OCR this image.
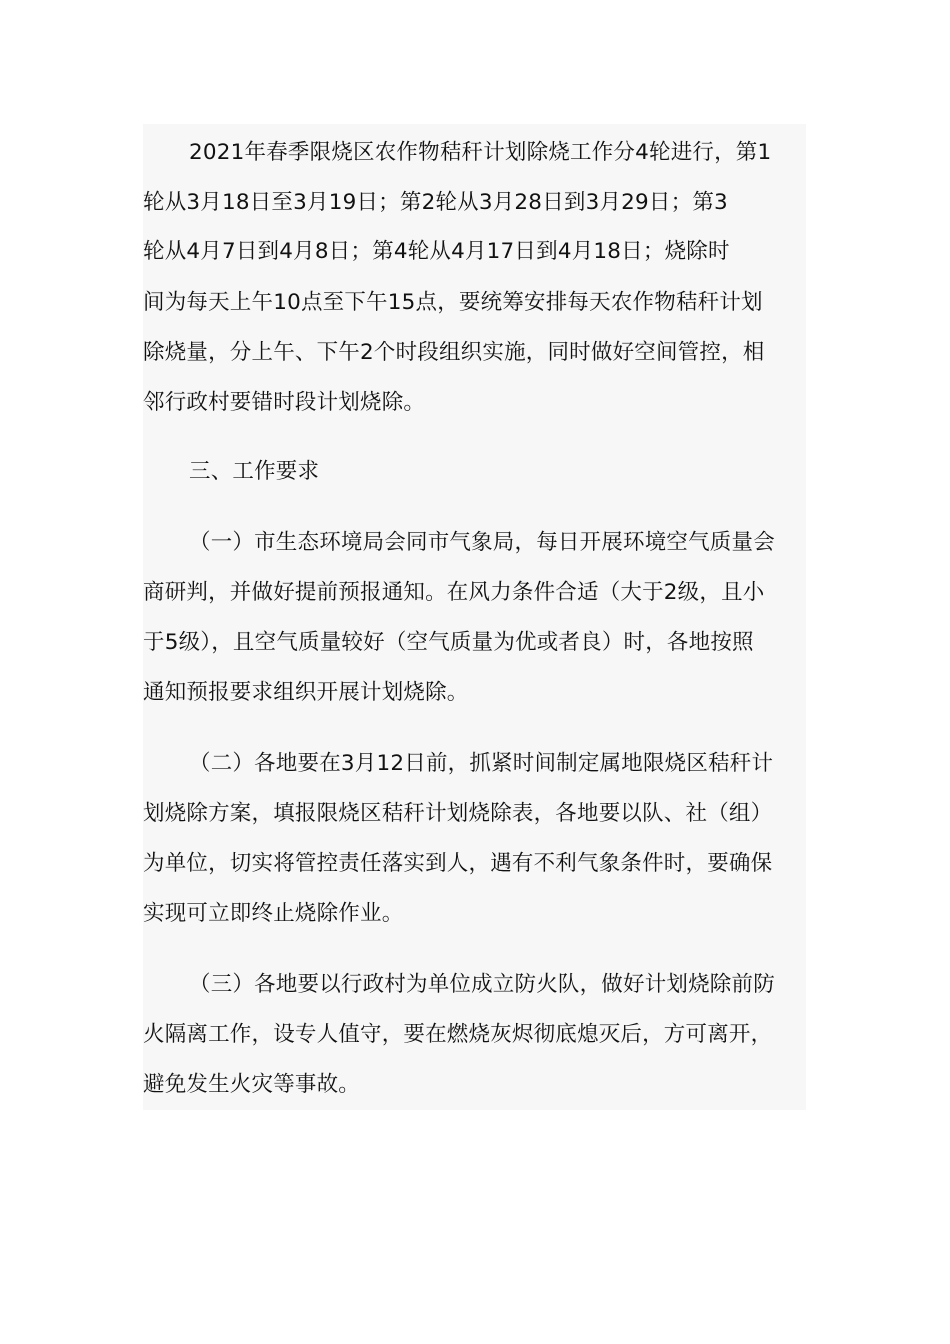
2021年春季限烧区农作物秸秆计划除烧工作分4轮进行，第1
轮从3月18日至3月19日；第2轮从3月28日到3月29日；第3
轮从4月7日到4月8日；第4轮从4月17日到4月18日；烧除时
间为每天上午10点至下午15点，要统筹安排每天农作物秸秆计划
除烧量，分上午、下午2个时段组织实施，同时做好空间管控，相
邻行政村要错时段计划烧除。
三、工作要求
（一）市生态环境局会同市气象局，每日开展环境空气质量会
商研判，并做好提前预报通知。在风力条件合适（大于2级，且小
于5级），且空气质量较好（空气质量为优或者良）时，各地按照
通知预报要求组织开展计划烧除。
（二）各地要在3月12日前，抓紧时间制定属地限烧区秸秆计
划烧除方案，填报限烧区秸秆计划烧除表，各地要以队、社（组）
为单位，切实将管控责任落实到人，遇有不利气象条件时，要确保
实现可立即终止烧除作业。
（三）各地要以行政村为单位成立防火队，做好计划烧除前防
火隔离工作，设专人值守，要在燃烧灰烬彻底熄灭后，方可离开，
避免发生火灾等事故。
